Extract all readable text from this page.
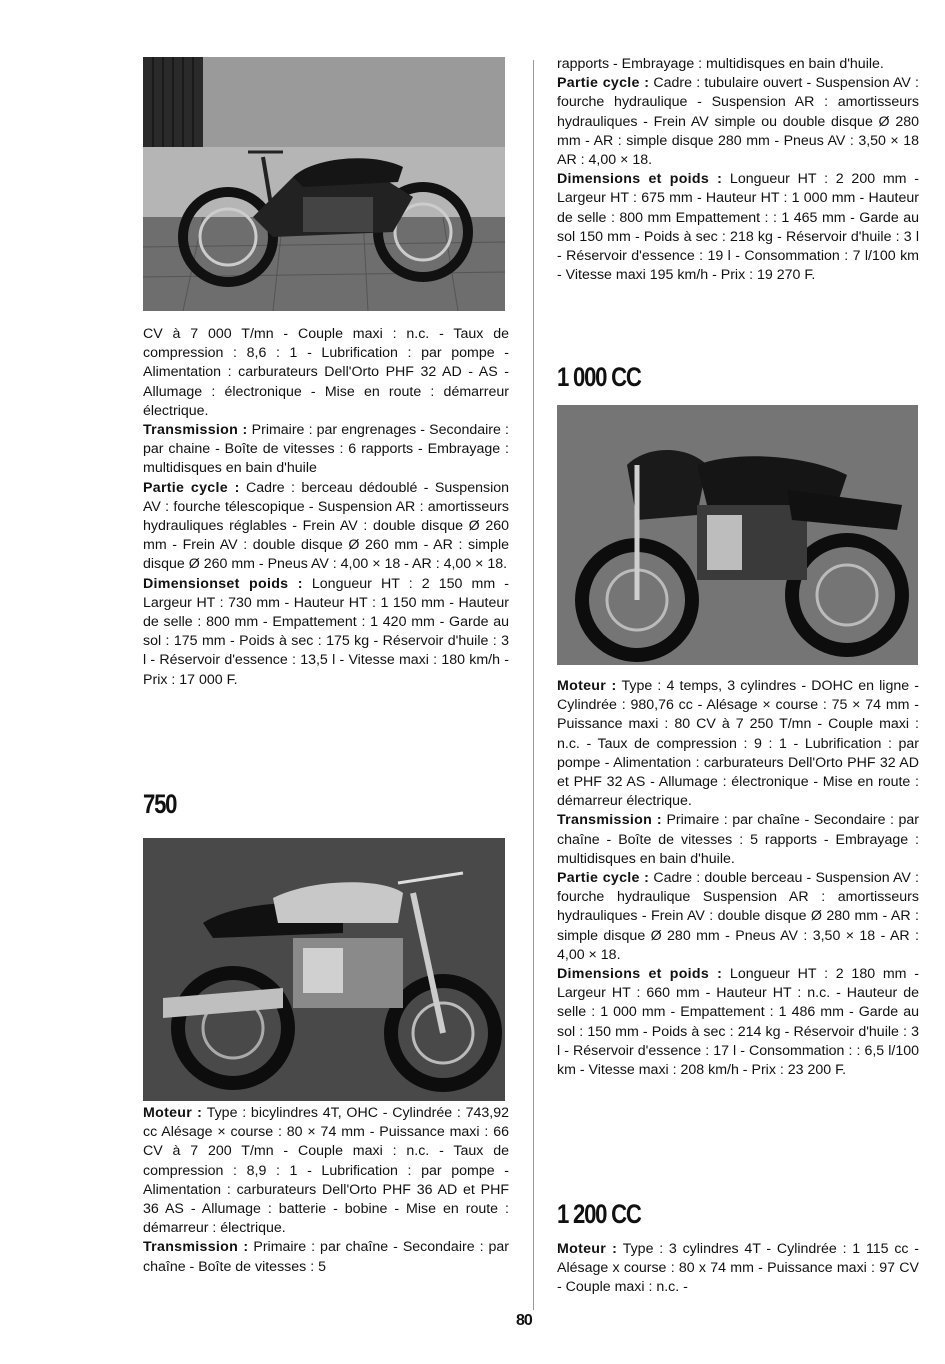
CV à 7 000 T/mn - Couple maxi : n.c. - Taux de compression : 8,6 : 1 - Lubrification : par pompe - Alimentation : carburateurs Dell'Orto PHF 32 AD - AS - Allumage : électronique - Mise en route : démarreur électrique.

Transmission : Primaire : par engrenages - Secondaire : par chaine - Boîte de vitesses : 6 rapports - Embrayage : multidisques en bain d'huile

Partie cycle : Cadre : berceau dédoublé - Suspension AV : fourche télescopique - Suspension AR : amortisseurs hydrauliques réglables - Frein AV : double disque Ø 260 mm - Frein AV : double disque Ø 260 mm - AR : simple disque Ø 260 mm - Pneus AV : 4,00 × 18 - AR : 4,00 × 18.

Dimensionset poids : Longueur HT : 2 150 mm - Largeur HT : 730 mm - Hauteur HT : 1 150 mm - Hauteur de selle : 800 mm - Empattement : 1 420 mm - Garde au sol : 175 mm - Poids à sec : 175 kg - Réservoir d'huile : 3 l - Réservoir d'essence : 13,5 l - Vitesse maxi : 180 km/h - Prix : 17 000 F.

750

Moteur : Type : bicylindres 4T, OHC - Cylindrée : 743,92 cc Alésage × course : 80 × 74 mm - Puissance maxi : 66 CV à 7 200 T/mn - Couple maxi : n.c. - Taux de compression : 8,9 : 1 - Lubrification : par pompe - Alimentation : carburateurs Dell'Orto PHF 36 AD et PHF 36 AS - Allumage : batterie - bobine - Mise en route : démarreur : électrique.

Transmission : Primaire : par chaîne - Secondaire : par chaîne - Boîte de vitesses : 5

rapports - Embrayage : multidisques en bain d'huile.

Partie cycle : Cadre : tubulaire ouvert - Suspension AV : fourche hydraulique - Suspension AR : amortisseurs hydrauliques - Frein AV simple ou double disque Ø 280 mm - AR : simple disque 280 mm - Pneus AV : 3,50 × 18 AR : 4,00 × 18.

Dimensions et poids : Longueur HT : 2 200 mm - Largeur HT : 675 mm - Hauteur HT : 1 000 mm - Hauteur de selle : 800 mm Empattement : : 1 465 mm - Garde au sol 150 mm - Poids à sec : 218 kg - Réservoir d'huile : 3 l - Réservoir d'essence : 19 l - Consommation : 7 l/100 km - Vitesse maxi 195 km/h - Prix : 19 270 F.

1 000 CC

Moteur : Type : 4 temps, 3 cylindres - DOHC en ligne - Cylindrée : 980,76 cc - Alésage × course : 75 × 74 mm - Puissance maxi : 80 CV à 7 250 T/mn - Couple maxi : n.c. - Taux de compression : 9 : 1 - Lubrification : par pompe - Alimentation : carburateurs Dell'Orto PHF 32 AD et PHF 32 AS - Allumage : électronique - Mise en route : démarreur électrique.

Transmission : Primaire : par chaîne - Secondaire : par chaîne - Boîte de vitesses : 5 rapports - Embrayage : multidisques en bain d'huile.

Partie cycle : Cadre : double berceau - Suspension AV : fourche hydraulique Suspension AR : amortisseurs hydrauliques - Frein AV : double disque Ø 280 mm - AR : simple disque Ø 280 mm - Pneus AV : 3,50 × 18 - AR : 4,00 × 18.

Dimensions et poids : Longueur HT : 2 180 mm - Largeur HT : 660 mm - Hauteur HT : n.c. - Hauteur de selle : 1 000 mm - Empattement : 1 486 mm - Garde au sol : 150 mm - Poids à sec : 214 kg - Réservoir d'huile : 3 l - Réservoir d'essence : 17 l - Consommation : : 6,5 l/100 km - Vitesse maxi : 208 km/h - Prix : 23 200 F.

1 200 CC

Moteur : Type : 3 cylindres 4T - Cylindrée : 1 115 cc - Alésage x course : 80 x 74 mm - Puissance maxi : 97 CV - Couple maxi : n.c. -

80
